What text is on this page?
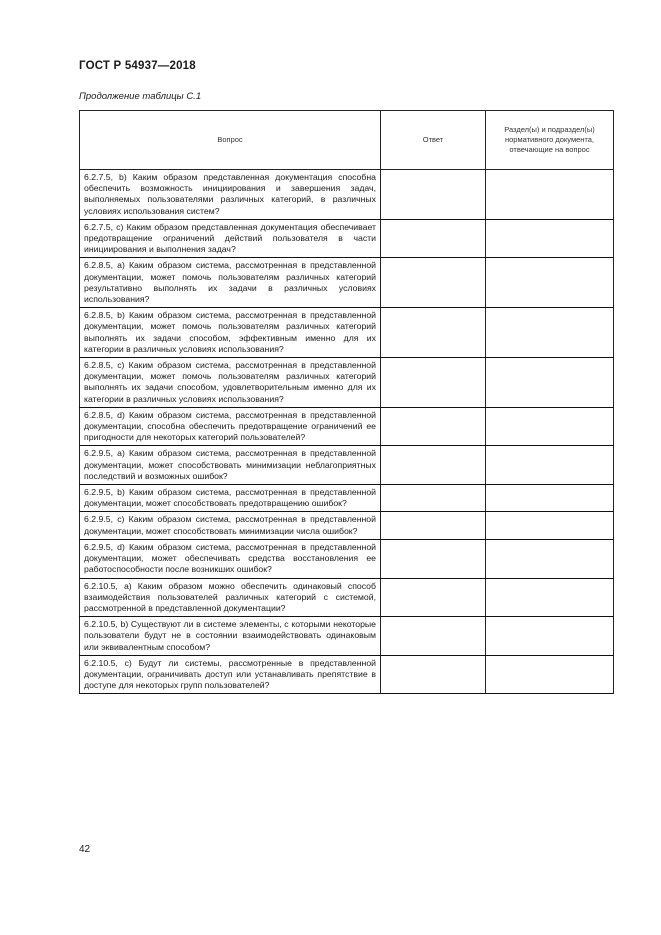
ГОСТ Р 54937—2018
Продолжение таблицы С.1
Вопрос	Ответ	Раздел(ы) и подраздел(ы) нормативного документа, отвечающие на вопрос
6.2.7.5, b) Каким образом представленная документация способна обеспечить возможность инициирования и завершения задач, выполняемых пользователями различных категорий, в различных условиях использования систем?		
6.2.7.5, c) Каким образом представленная документация обеспечивает предотвращение ограничений действий пользователя в части инициирования и выполнения задач?		
6.2.8.5, a) Каким образом система, рассмотренная в представленной документации, может помочь пользователям различных категорий результативно выполнять их задачи в различных условиях использования?		
6.2.8.5, b) Каким образом система, рассмотренная в представленной документации, может помочь пользователям различных категорий выполнять их задачи способом, эффективным именно для их категории в различных условиях использования?		
6.2.8.5, c) Каким образом система, рассмотренная в представленной документации, может помочь пользователям различных категорий выполнять их задачи способом, удовлетворительным именно для их категории в различных условиях использования?		
6.2.8.5, d) Каким образом система, рассмотренная в представленной документации, способна обеспечить предотвращение ограничений ее пригодности для некоторых категорий пользователей?		
6.2.9.5, a) Каким образом система, рассмотренная в представленной документации, может способствовать минимизации неблагоприятных последствий и возможных ошибок?		
6.2.9.5, b) Каким образом система, рассмотренная в представленной документации, может способствовать предотвращению ошибок?		
6.2.9.5, c) Каким образом система, рассмотренная в представленной документации, может способствовать минимизации числа ошибок?		
6.2.9.5, d) Каким образом система, рассмотренная в представленной документации, может обеспечивать средства восстановления ее работоспособности после возникших ошибок?		
6.2.10.5, a) Каким образом можно обеспечить одинаковый способ взаимодействия пользователей различных категорий с системой, рассмотренной в представленной документации?		
6.2.10.5, b) Существуют ли в системе элементы, с которыми некоторые пользователи будут не в состоянии взаимодействовать одинаковым или эквивалентным способом?		
6.2.10.5, c) Будут ли системы, рассмотренные в представленной документации, ограничивать доступ или устанавливать препятствие в доступе для некоторых групп пользователей?		
42
